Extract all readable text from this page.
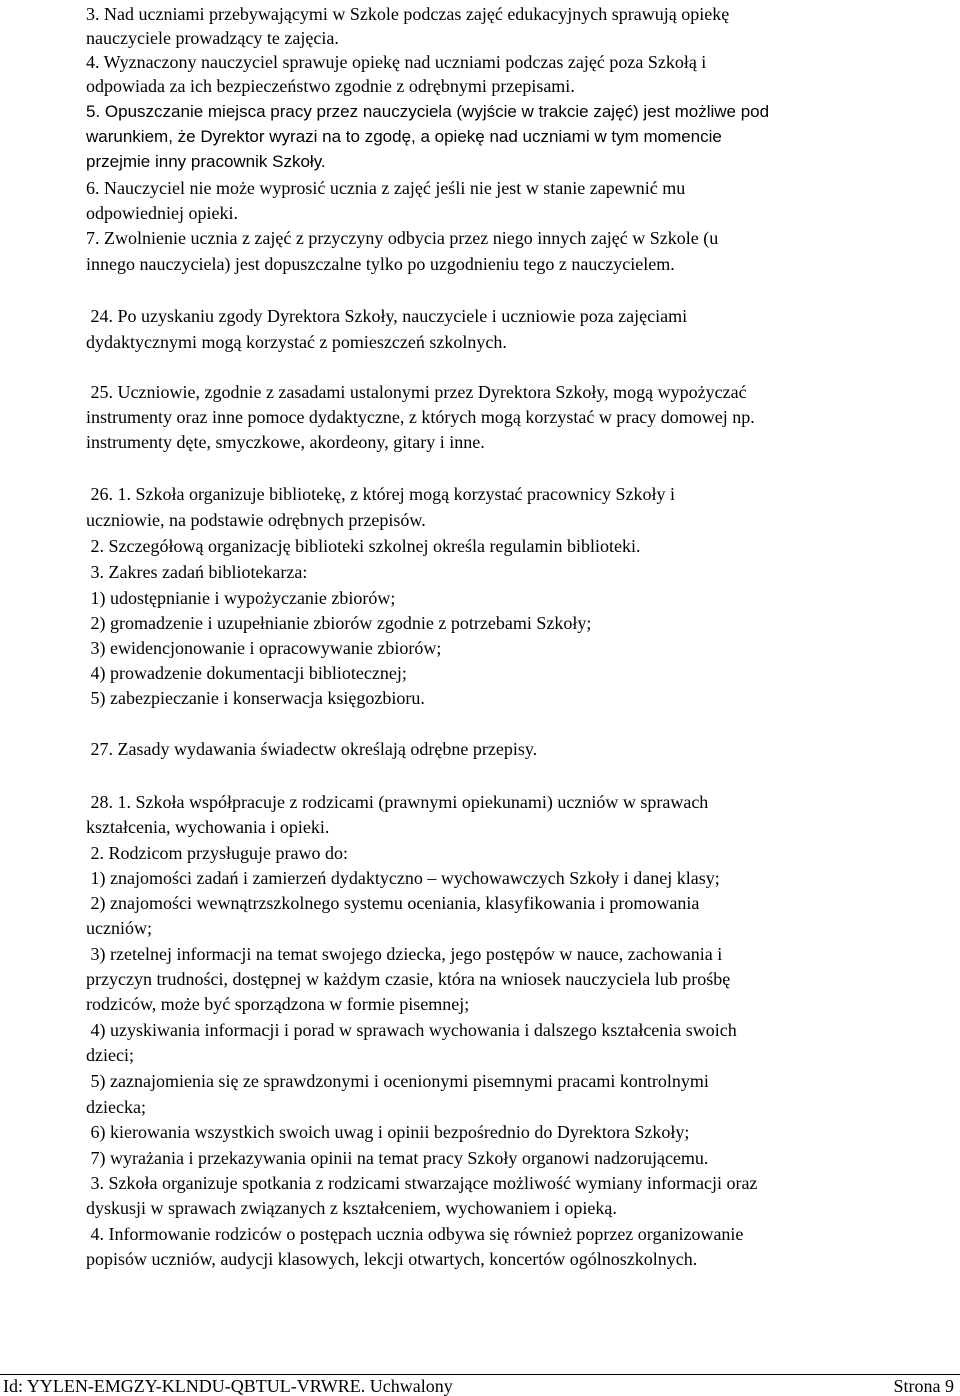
3. Nad uczniami przebywającymi w Szkole podczas zajęć edukacyjnych sprawują opiekę
nauczyciele prowadzący te zajęcia.
4. Wyznaczony nauczyciel sprawuje opiekę nad uczniami podczas zajęć poza Szkołą i
odpowiada za ich bezpieczeństwo zgodnie z odrębnymi przepisami.
5. Opuszczanie miejsca pracy przez nauczyciela (wyjście w trakcie zajęć) jest możliwe pod
warunkiem, że Dyrektor wyrazi na to zgodę, a opiekę nad uczniami w tym momencie
przejmie inny pracownik Szkoły.
6. Nauczyciel nie może wyprosić ucznia z zajęć jeśli nie jest w stanie zapewnić mu
odpowiedniej opieki.
7. Zwolnienie ucznia z zajęć z przyczyny odbycia przez niego innych zajęć w Szkole (u
innego nauczyciela) jest dopuszczalne tylko po uzgodnieniu tego z nauczycielem.
24. Po uzyskaniu zgody Dyrektora Szkoły, nauczyciele i uczniowie poza zajęciami
dydaktycznymi mogą korzystać z pomieszczeń szkolnych.
25. Uczniowie, zgodnie z zasadami ustalonymi przez Dyrektora Szkoły, mogą wypożyczać
instrumenty oraz inne pomoce dydaktyczne, z których mogą korzystać w pracy domowej np.
instrumenty dęte, smyczkowe, akordeony, gitary i inne.
26. 1. Szkoła organizuje bibliotekę, z której mogą korzystać pracownicy Szkoły i
uczniowie, na podstawie odrębnych przepisów.
2. Szczegółową organizację biblioteki szkolnej określa regulamin biblioteki.
3. Zakres zadań bibliotekarza:
1) udostępnianie i wypożyczanie zbiorów;
2) gromadzenie i uzupełnianie zbiorów zgodnie z potrzebami Szkoły;
3) ewidencjonowanie i opracowywanie zbiorów;
4) prowadzenie dokumentacji bibliotecznej;
5) zabezpieczanie i konserwacja księgozbioru.
27. Zasady wydawania świadectw określają odrębne przepisy.
28. 1. Szkoła współpracuje z rodzicami (prawnymi opiekunami) uczniów w sprawach
kształcenia, wychowania i opieki.
2. Rodzicom przysługuje prawo do:
1) znajomości zadań i zamierzeń dydaktyczno – wychowawczych Szkoły i danej klasy;
2) znajomości wewnątrzszkolnego systemu oceniania, klasyfikowania i promowania
uczniów;
3) rzetelnej informacji na temat swojego dziecka, jego postępów w nauce, zachowania i
przyczyn trudności, dostępnej w każdym czasie, która na wniosek nauczyciela lub prośbę
rodziców, może być sporządzona w formie pisemnej;
4) uzyskiwania informacji i porad w sprawach wychowania i dalszego kształcenia swoich
dzieci;
5) zaznajomienia się ze sprawdzonymi i ocenionymi pisemnymi pracami kontrolnymi
dziecka;
6) kierowania wszystkich swoich uwag i opinii bezpośrednio do Dyrektora Szkoły;
7) wyrażania i przekazywania opinii na temat pracy Szkoły organowi nadzorującemu.
3. Szkoła organizuje spotkania z rodzicami stwarzające możliwość wymiany informacji oraz
dyskusji w sprawach związanych z kształceniem, wychowaniem i opieką.
4. Informowanie rodziców o postępach ucznia odbywa się również poprzez organizowanie
popisów uczniów, audycji klasowych, lekcji otwartych, koncertów ogólnoszkolnych.
Id: YYLEN-EMGZY-KLNDU-QBTUL-VRWRE. Uchwalony	Strona 9
